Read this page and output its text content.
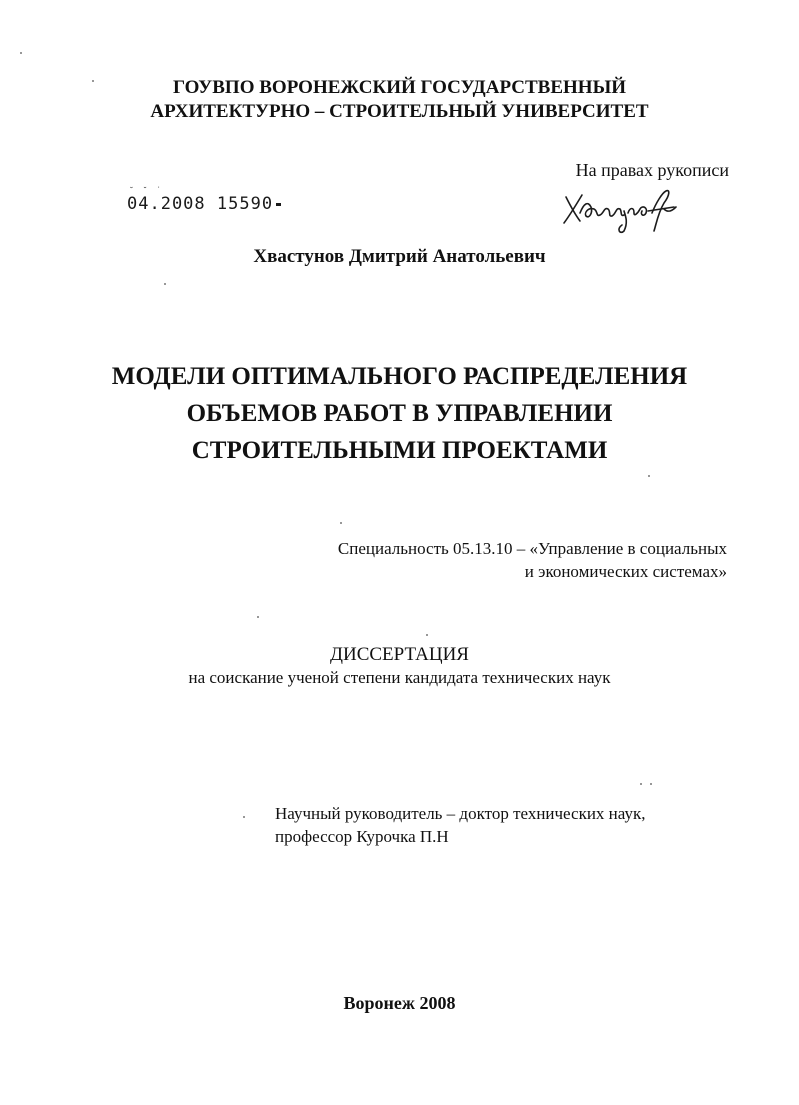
ГОУВПО ВОРОНЕЖСКИЙ ГОСУДАРСТВЕННЫЙ
АРХИТЕКТУРНО – СТРОИТЕЛЬНЫЙ УНИВЕРСИТЕТ
На правах рукописи
˘ ˘ ˙
04.2008 15590
Хвастунов Дмитрий Анатольевич
МОДЕЛИ ОПТИМАЛЬНОГО РАСПРЕДЕЛЕНИЯ
ОБЪЕМОВ РАБОТ В УПРАВЛЕНИИ
СТРОИТЕЛЬНЫМИ ПРОЕКТАМИ
Специальность 05.13.10 – «Управление в социальных
и экономических системах»
ДИССЕРТАЦИЯ
на соискание ученой степени кандидата технических наук
Научный руководитель – доктор технических наук,
профессор Курочка П.Н
Воронеж 2008
